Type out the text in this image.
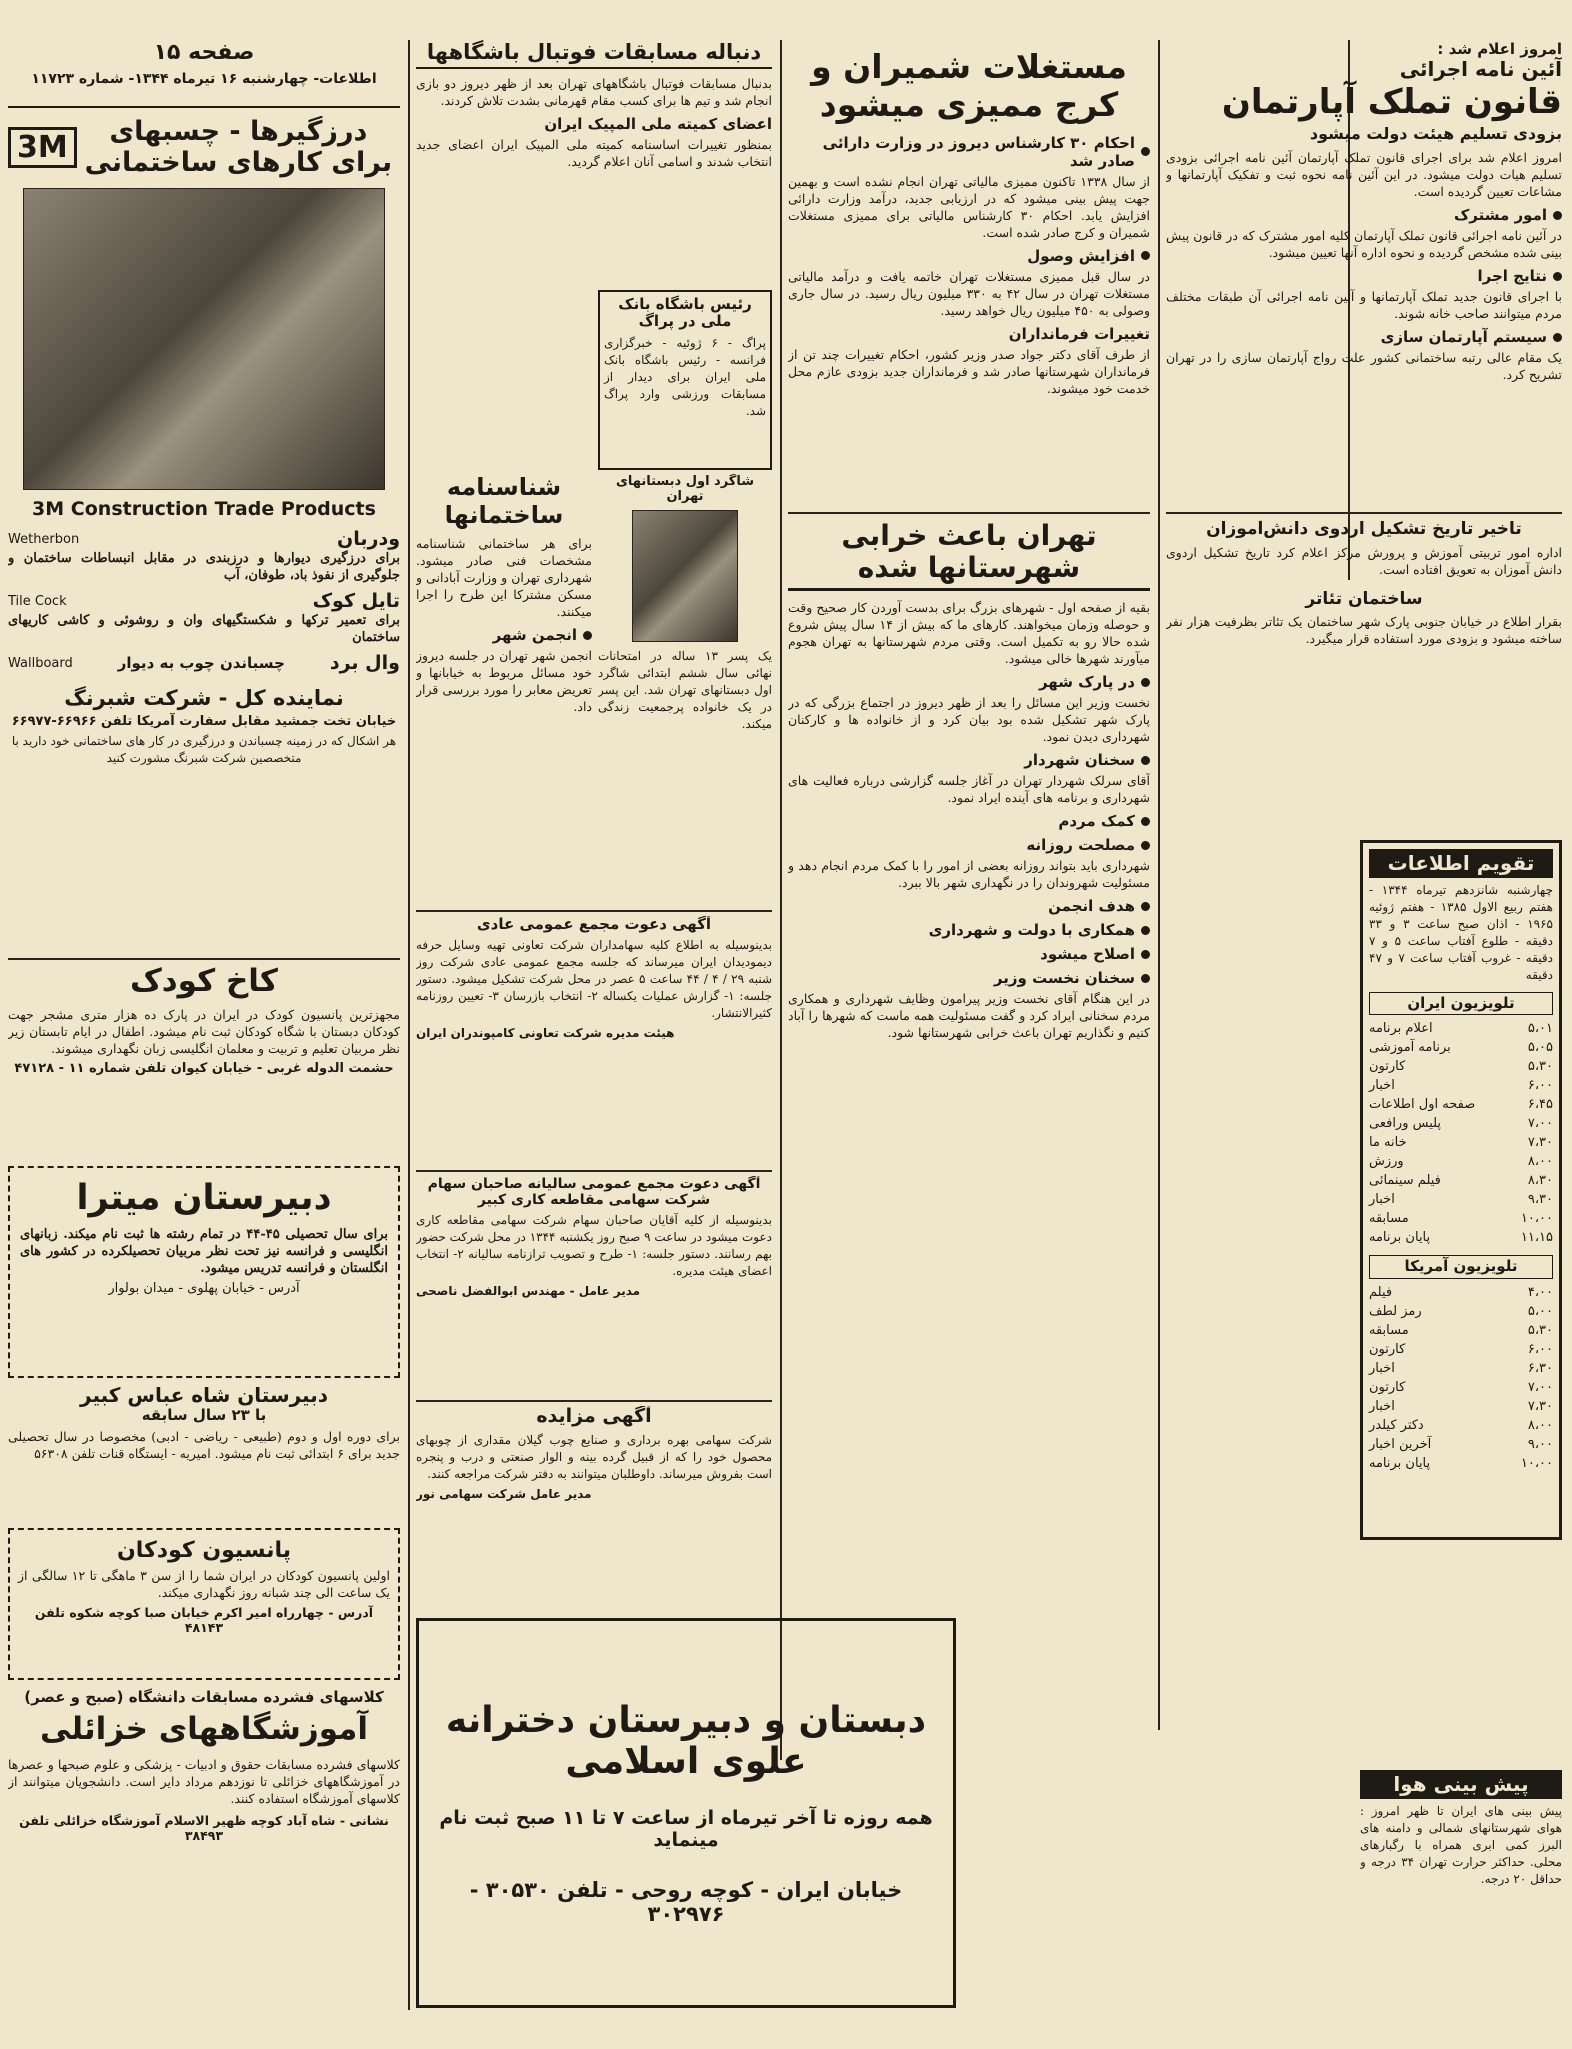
امروز اعلام شد :
آئین نامه اجرائی
قانون تملک آپارتمان
بزودی تسلیم هیئت دولت میشود
امروز اعلام شد برای اجرای قانون تملک آپارتمان آئین نامه اجرائی بزودی تسلیم هیات دولت میشود. در این آئین نامه نحوه ثبت و تفکیک آپارتمانها و مشاعات تعیین گردیده است.
امور مشترک
در آئین نامه اجرائی قانون تملک آپارتمان کلیه امور مشترک که در قانون پیش بینی شده مشخص گردیده و نحوه اداره آنها تعیین میشود.
نتایج اجرا
با اجرای قانون جدید تملک آپارتمانها و آئین نامه اجرائی آن طبقات مختلف مردم میتوانند صاحب خانه شوند.
سیستم آپارتمان سازی
یک مقام عالی رتبه ساختمانی کشور علت رواج آپارتمان سازی را در تهران تشریح کرد.
تاخیر تاریخ تشکیل اردوی دانش‌آموزان
اداره امور تربیتی آموزش و پرورش مرکز اعلام کرد تاریخ تشکیل اردوی دانش آموزان به تعویق افتاده است.
ساختمان تئاتر
بقرار اطلاع در خیابان جنوبی پارک شهر ساختمان یک تئاتر بظرفیت هزار نفر ساخته میشود و بزودی مورد استفاده قرار میگیرد.
تقویم اطلاعات
چهارشنبه شانزدهم تیرماه ۱۳۴۴ - هفتم ربیع الاول ۱۳۸۵ - هفتم ژوئیه ۱۹۶۵ - اذان صبح ساعت ۳ و ۳۳ دقیقه - طلوع آفتاب ساعت ۵ و ۷ دقیقه - غروب آفتاب ساعت ۷ و ۴۷ دقیقه
تلویزیون ایران
۵،۰۱
اعلام برنامه
۵،۰۵
برنامه آموزشی
۵،۳۰
کارتون
۶،۰۰
اخبار
۶،۴۵
صفحه اول اطلاعات
۷،۰۰
پلیس ورافعی
۷،۳۰
خانه ما
۸،۰۰
ورزش
۸،۳۰
فیلم سینمائی
۹،۳۰
اخبار
۱۰،۰۰
مسابقه
۱۱،۱۵
پایان برنامه
تلویزیون آمریکا
۴،۰۰
فیلم
۵،۰۰
رمز لطف
۵،۳۰
مسابقه
۶،۰۰
کارتون
۶،۳۰
اخبار
۷،۰۰
کارتون
۷،۳۰
اخبار
۸،۰۰
دکتر کیلدر
۹،۰۰
آخرین اخبار
۱۰،۰۰
پایان برنامه
پیش بینی هوا
پیش بینی های ایران تا ظهر امروز : هوای شهرستانهای شمالی و دامنه های البرز کمی ابری همراه با رگبارهای محلی. حداکثر حرارت تهران ۳۴ درجه و حداقل ۲۰ درجه.
مستغلات شمیران و کرج ممیزی میشود
احکام ۳۰ کارشناس دیروز در وزارت دارائی صادر شد
از سال ۱۳۳۸ تاکنون ممیزی مالیاتی تهران انجام نشده است و بهمین جهت پیش بینی میشود که در ارزیابی جدید، درآمد وزارت دارائی افزایش یابد. احکام ۳۰ کارشناس مالیاتی برای ممیزی مستغلات شمیران و کرج صادر شده است.
افزایش وصول
در سال قبل ممیزی مستغلات تهران خاتمه یافت و درآمد مالیاتی مستغلات تهران در سال ۴۲ به ۳۳۰ میلیون ریال رسید. در سال جاری وصولی به ۴۵۰ میلیون ریال خواهد رسید.
تغییرات فرمانداران
از طرف آقای دکتر جواد صدر وزیر کشور، احکام تغییرات چند تن از فرمانداران شهرستانها صادر شد و فرمانداران جدید بزودی عازم محل خدمت خود میشوند.
تهران باعث خرابی شهرستانها شده
بقیه از صفحه اول - شهرهای بزرگ برای بدست آوردن کار صحیح وقت و حوصله وزمان میخواهند. کارهای ما که بیش از ۱۴ سال پیش شروع شده حالا رو به تکمیل است. وقتی مردم شهرستانها به تهران هجوم میآورند شهرها خالی میشود.
در پارک شهر
نخست وزیر این مسائل را بعد از ظهر دیروز در اجتماع بزرگی که در پارک شهر تشکیل شده بود بیان کرد و از خانواده ها و کارکنان شهرداری دیدن نمود.
سخنان شهردار
آقای سرلک شهردار تهران در آغاز جلسه گزارشی درباره فعالیت های شهرداری و برنامه های آینده ایراد نمود.
کمک مردم
مصلحت روزانه
شهرداری باید بتواند روزانه بعضی از امور را با کمک مردم انجام دهد و مسئولیت شهروندان را در نگهداری شهر بالا ببرد.
هدف انجمن
همکاری با دولت و شهرداری
اصلاح میشود
سخنان نخست وزیر
در این هنگام آقای نخست وزیر پیرامون وظایف شهرداری و همکاری مردم سخنانی ایراد کرد و گفت مسئولیت همه ماست که شهرها را آباد کنیم و نگذاریم تهران باعث خرابی شهرستانها شود.
دنباله مسابقات فوتبال باشگاهها
بدنبال مسابقات فوتبال باشگاههای تهران بعد از ظهر دیروز دو بازی انجام شد و تیم ها برای کسب مقام قهرمانی بشدت تلاش کردند.
اعضای کمیته ملی المپیک ایران
بمنظور تغییرات اساسنامه کمیته ملی المپیک ایران اعضای جدید انتخاب شدند و اسامی آنان اعلام گردید.
رئیس باشگاه بانک ملی در پراگ
پراگ - ۶ ژوئیه - خبرگزاری فرانسه - رئیس باشگاه بانک ملی ایران برای دیدار از مسابقات ورزشی وارد پراگ شد.
شاگرد اول دبستانهای تهران
یک پسر ۱۳ ساله در امتحانات نهائی سال ششم ابتدائی شاگرد اول دبستانهای تهران شد. این پسر در یک خانواده پرجمعیت زندگی میکند.
شناسنامه ساختمانها
برای هر ساختمانی شناسنامه مشخصات فنی صادر میشود. شهرداری تهران و وزارت آبادانی و مسکن مشترکا این طرح را اجرا میکنند.
انجمن شهر
انجمن شهر تهران در جلسه دیروز خود مسائل مربوط به خیابانها و تعریض معابر را مورد بررسی قرار داد.
آگهی دعوت مجمع عمومی عادی
بدینوسیله به اطلاع کلیه سهامداران شرکت تعاونی تهیه وسایل حرفه دیمودیدان ایران میرساند که جلسه مجمع عمومی عادی شرکت روز شنبه ۲۹ / ۴ / ۴۴ ساعت ۵ عصر در محل شرکت تشکیل میشود. دستور جلسه: ۱- گزارش عملیات یکساله ۲- انتخاب بازرسان ۳- تعیین روزنامه کثیرالانتشار.
هیئت مدیره شرکت تعاونی کامپوندران ایران
آگهی دعوت مجمع عمومی سالیانه صاحبان سهام شرکت سهامی مقاطعه کاری کبیر
بدینوسیله از کلیه آقایان صاحبان سهام شرکت سهامی مقاطعه کاری دعوت میشود در ساعت ۹ صبح روز یکشنبه ۱۳۴۴ در محل شرکت حضور بهم رسانند. دستور جلسه: ۱- طرح و تصویب ترازنامه سالیانه ۲- انتخاب اعضای هیئت مدیره.
مدیر عامل - مهندس ابوالفضل ناصحی
آگهی مزایده
شرکت سهامی بهره برداری و صنایع چوب گیلان مقداری از چوبهای محصول خود را که از قبیل گرده بینه و الوار صنعتی و درب و پنجره است بفروش میرساند. داوطلبان میتوانند به دفتر شرکت مراجعه کنند.
مدیر عامل شرکت سهامی نور
دبستان و دبیرستان دخترانه علوی اسلامی
همه روزه تا آخر تیرماه از ساعت ۷ تا ۱۱ صبح ثبت نام مینماید
خیابان ایران - کوچه روحی - تلفن ۳۰۵۳۰ - ۳۰۲۹۷۶
صفحه ۱۵
اطلاعات- چهارشنبه ۱۶ تیرماه ۱۳۴۴- شماره ۱۱۷۲۳
درزگیرها - چسبهای برای کارهای ساختمانی
3M
3M Construction Trade Products
ودربان
Wetherbon
برای درزگیری دیوارها و درزبندی در مقابل انبساطات ساختمان و جلوگیری از نفوذ باد، طوفان، آب
تایل کوک
Tile Cock
برای تعمیر ترکها و شکستگیهای وان و روشوئی و کاشی کاریهای ساختمان
وال برد
چسباندن چوب به دیوار
Wallboard
نماینده کل - شرکت شبرنگ
خیابان تخت جمشید مقابل سفارت آمریکا تلفن ۶۶۹۶۶-۶۶۹۷۷
هر اشکال که در زمینه چسباندن و درزگیری در کار های ساختمانی خود دارید با متخصصین شرکت شبرنگ مشورت کنید
کاخ کودک
مجهزترین پانسیون کودک در ایران در پارک ده هزار متری مشجر جهت کودکان دبستان با شگاه کودکان ثبت نام میشود. اطفال در ایام تابستان زیر نظر مربیان تعلیم و تربیت و معلمان انگلیسی زبان نگهداری میشوند.
حشمت الدوله غربی - خیابان کیوان تلفن شماره ۱۱ - ۴۷۱۲۸
دبیرستان میترا
برای سال تحصیلی ۴۵-۴۴ در تمام رشته ها ثبت نام میکند. زبانهای انگلیسی و فرانسه نیز تحت نظر مربیان تحصیلکرده در کشور های انگلستان و فرانسه تدریس میشود.
آدرس - خیابان پهلوی - میدان بولوار
دبیرستان شاه عباس کبیر
با ۲۳ سال سابقه
برای دوره اول و دوم (طبیعی - ریاضی - ادبی) مخصوصا در سال تحصیلی جدید برای ۶ ابتدائی ثبت نام میشود. امیریه - ایستگاه قنات تلفن ۵۶۳۰۸
پانسیون کودکان
اولین پانسیون کودکان در ایران شما را از سن ۳ ماهگی تا ۱۲ سالگی از یک ساعت الی چند شبانه روز نگهداری میکند.
آدرس - چهارراه امیر اکرم خیابان صبا کوچه شکوه تلفن ۴۸۱۴۳
کلاسهای فشرده مسابقات دانشگاه (صبح و عصر)
آموزشگاههای خزائلی
کلاسهای فشرده مسابقات حقوق و ادبیات - پزشکی و علوم صبحها و عصرها در آموزشگاههای خزائلی تا نوزدهم مرداد دایر است. دانشجویان میتوانند از کلاسهای آموزشگاه استفاده کنند.
نشانی - شاه آباد کوچه ظهیر الاسلام آموزشگاه خزائلی تلفن ۳۸۴۹۳
